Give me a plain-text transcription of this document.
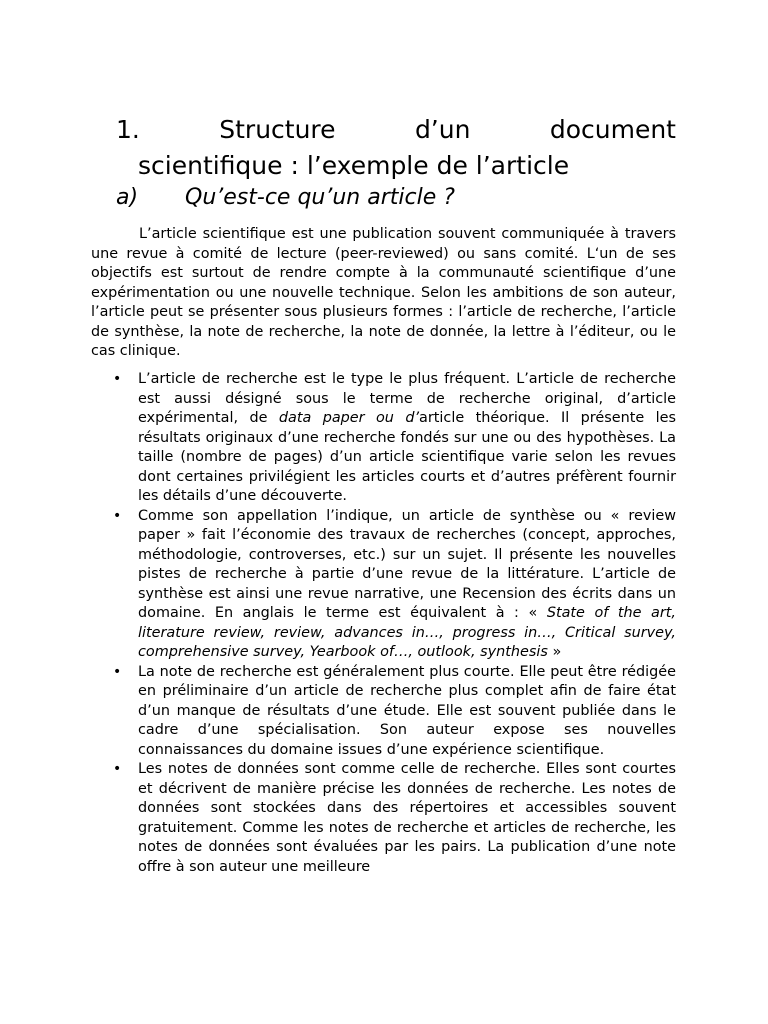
1.	Structure	d’un	document
scientifique : l’exemple de l’article
a) Qu’est-ce qu’un article ?

L’article scientifique est une publication souvent communiquée à travers une revue à comité de lecture (peer-reviewed) ou sans comité. L‘un de ses objectifs est surtout de rendre compte à la communauté scientifique d’une expérimentation ou une nouvelle technique. Selon les ambitions de son auteur, l’article peut se présenter sous plusieurs formes : l’article de recherche, l’article de synthèse, la note de recherche, la note de donnée, la lettre à l’éditeur, ou le cas clinique.

• L’article de recherche est le type le plus fréquent. L’article de recherche est aussi désigné sous le terme de recherche original, d’article expérimental, de data paper ou d’article théorique. Il présente les résultats originaux d’une recherche fondés sur une ou des hypothèses. La taille (nombre de pages) d’un article scientifique varie selon les revues dont certaines privilégient les articles courts et d’autres préfèrent fournir les détails d’une découverte.
• Comme son appellation l’indique, un article de synthèse ou « review paper » fait l’économie des travaux de recherches (concept, approches, méthodologie, controverses, etc.) sur un sujet. Il présente les nouvelles pistes de recherche à partie d’une revue de la littérature. L’article de synthèse est ainsi une revue narrative, une Recension des écrits dans un domaine. En anglais le terme est équivalent à : « State of the art, literature review, review, advances in…, progress in…, Critical survey, comprehensive survey, Yearbook of…, outlook, synthesis »
• La note de recherche est généralement plus courte. Elle peut être rédigée en préliminaire d’un article de recherche plus complet afin de faire état d’un manque de résultats d’une étude. Elle est souvent publiée dans le cadre d’une spécialisation. Son auteur expose ses nouvelles connaissances du domaine issues d’une expérience scientifique.
• Les notes de données sont comme celle de recherche. Elles sont courtes et décrivent de manière précise les données de recherche. Les notes de données sont stockées dans des répertoires et accessibles souvent gratuitement. Comme les notes de recherche et articles de recherche, les notes de données sont évaluées par les pairs. La publication d’une note offre à son auteur une meilleure
